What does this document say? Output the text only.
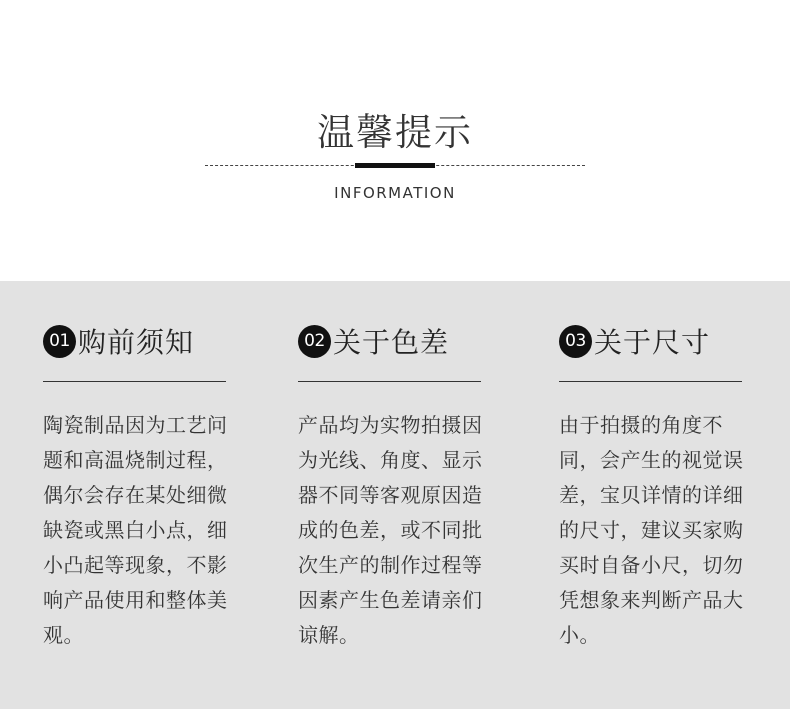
温馨提示
INFORMATION
01 购前须知
陶瓷制品因为工艺问题和高温烧制过程，偶尔会存在某处细微缺瓷或黑白小点，细小凸起等现象，不影响产品使用和整体美观。
02 关于色差
产品均为实物拍摄因为光线、角度、显示器不同等客观原因造成的色差，或不同批次生产的制作过程等因素产生色差请亲们谅解。
03 关于尺寸
由于拍摄的角度不同，会产生的视觉误差，宝贝详情的详细的尺寸，建议买家购买时自备小尺，切勿凭想象来判断产品大小。
